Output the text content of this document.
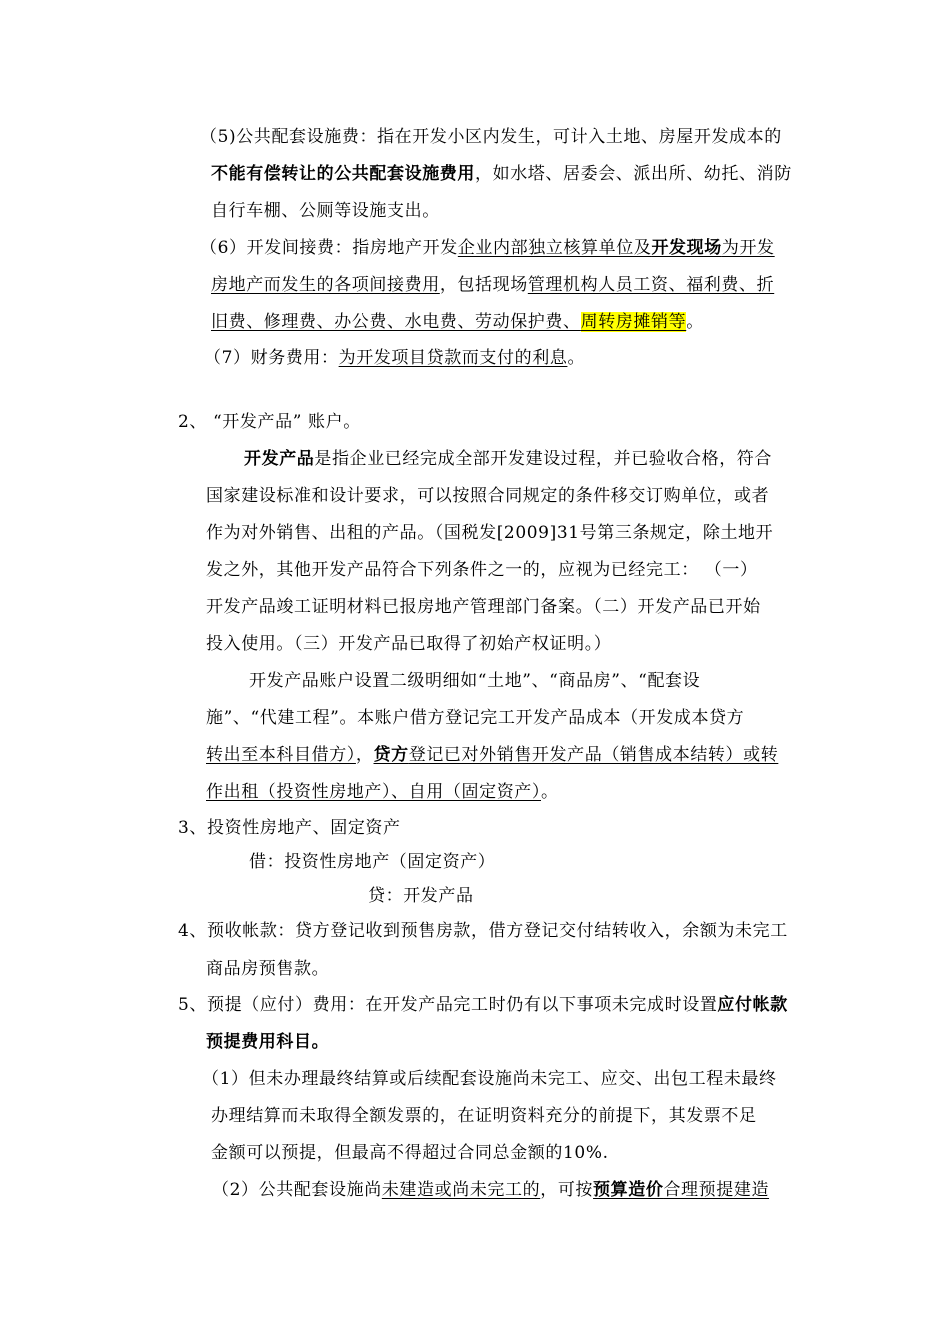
（5)公共配套设施费：指在开发小区内发生，可计入土地、房屋开发成本的
不能有偿转让的公共配套设施费用，如水塔、居委会、派出所、幼托、消防
自行车棚、公厕等设施支出。
（6）开发间接费：指房地产开发企业内部独立核算单位及开发现场为开发
房地产而发生的各项间接费用，包括现场管理机构人员工资、福利费、折
旧费、修理费、办公费、水电费、劳动保护费、周转房摊销等。
（7）财务费用：为开发项目贷款而支付的利息。
2、 “开发产品” 账户。
开发产品是指企业已经完成全部开发建设过程，并已验收合格，符合
国家建设标准和设计要求，可以按照合同规定的条件移交订购单位，或者
作为对外销售、出租的产品。（国税发[2009]31号第三条规定，除土地开
发之外，其他开发产品符合下列条件之一的，应视为已经完工： （一）
开发产品竣工证明材料已报房地产管理部门备案。（二）开发产品已开始
投入使用。（三）开发产品已取得了初始产权证明。）
开发产品账户设置二级明细如“土地”、“商品房”、“配套设
施”、“代建工程”。本账户借方登记完工开发产品成本（开发成本贷方
转出至本科目借方），贷方登记已对外销售开发产品（销售成本结转）或转
作出租（投资性房地产）、自用（固定资产）。
3、投资性房地产、固定资产
借：投资性房地产（固定资产）
贷：开发产品
4、预收帐款：贷方登记收到预售房款，借方登记交付结转收入，余额为未完工
商品房预售款。
5、预提（应付）费用：在开发产品完工时仍有以下事项未完成时设置应付帐款
预提费用科目。
（1）但未办理最终结算或后续配套设施尚未完工、应交、出包工程未最终
办理结算而未取得全额发票的，在证明资料充分的前提下，其发票不足
金额可以预提，但最高不得超过合同总金额的10%.
（2）公共配套设施尚未建造或尚未完工的，可按预算造价合理预提建造
